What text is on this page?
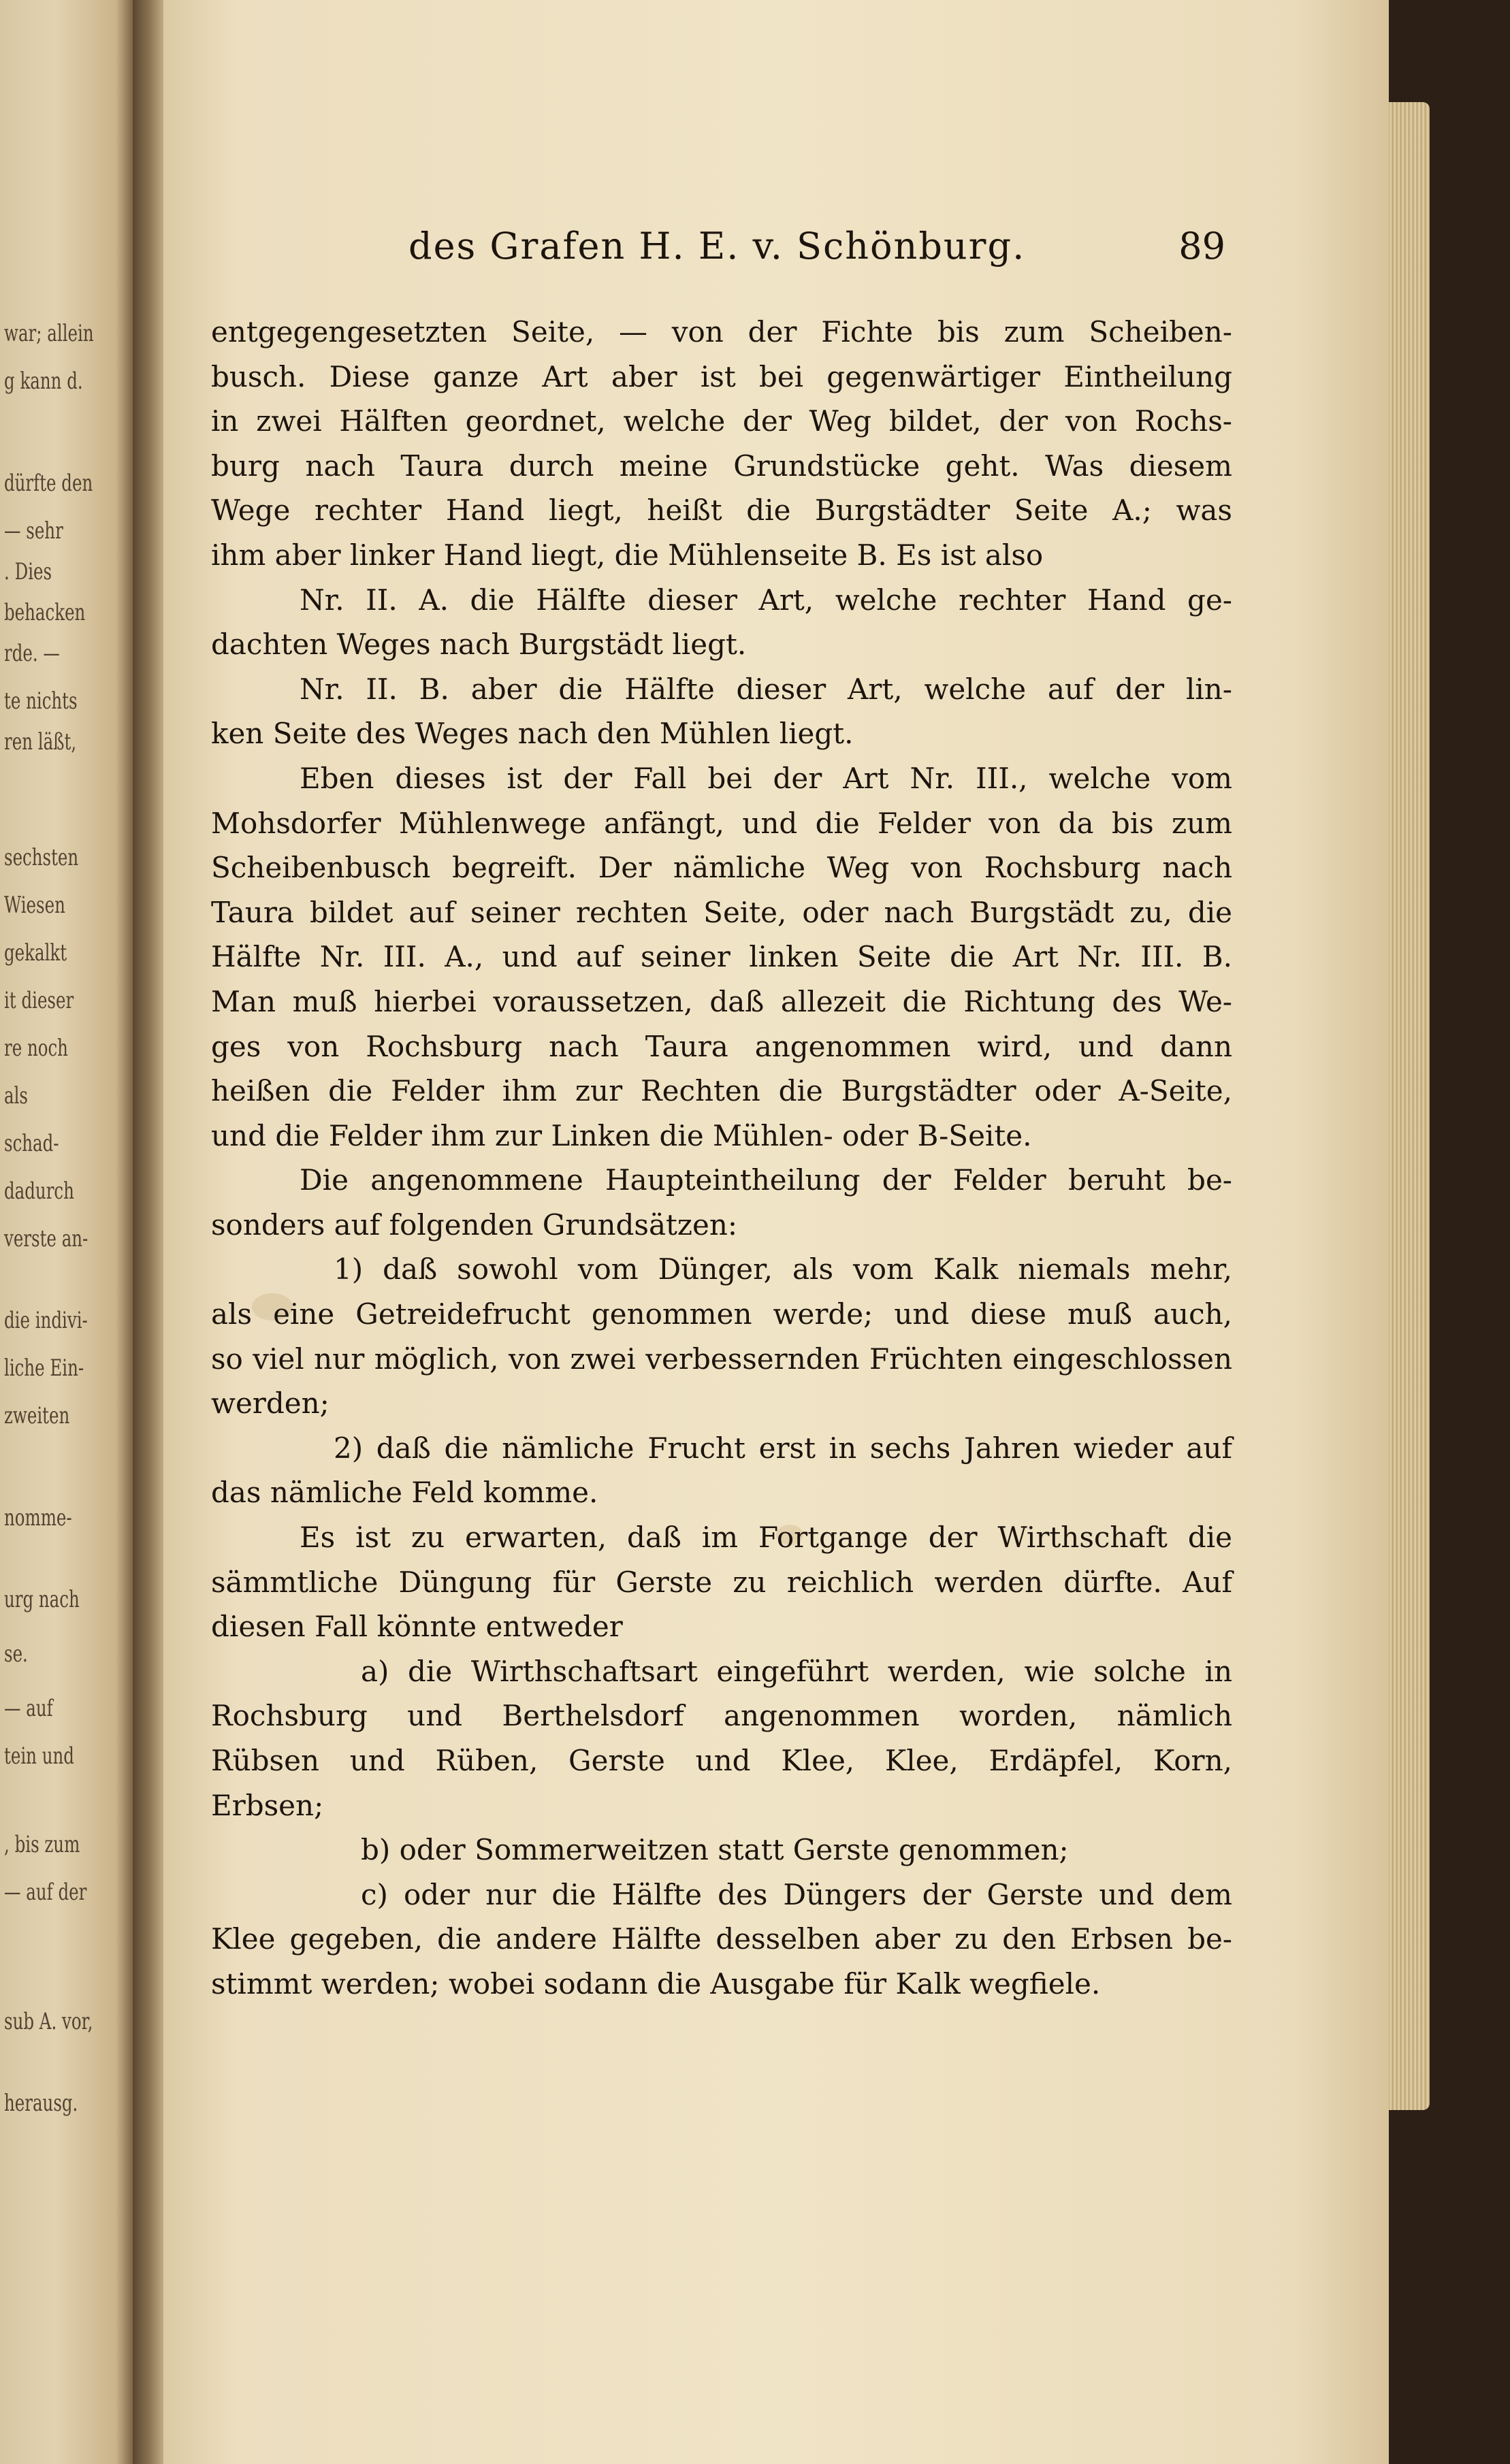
war; allein
g kann d.
dürfte den
— sehr
. Dies
behacken
rde. —
te nichts
ren läßt,
sechsten
Wiesen
gekalkt
it dieser
re noch
als
schad-
dadurch
verste an-
die indivi-
liche Ein-
zweiten
nomme-
urg nach
se.
— auf
tein und
, bis zum
— auf der
sub A. vor,
herausg.
des Grafen H. E. v. Schönburg.	89
entgegengesetzten Seite, — von der Fichte bis zum Scheiben-
busch. Diese ganze Art aber ist bei gegenwärtiger Eintheilung
in zwei Hälften geordnet, welche der Weg bildet, der von Rochs-
burg nach Taura durch meine Grundstücke geht. Was diesem
Wege rechter Hand liegt, heißt die Burgstädter Seite A.; was
ihm aber linker Hand liegt, die Mühlenseite B. Es ist also
Nr. II. A. die Hälfte dieser Art, welche rechter Hand ge-
dachten Weges nach Burgstädt liegt.
Nr. II. B. aber die Hälfte dieser Art, welche auf der lin-
ken Seite des Weges nach den Mühlen liegt.
Eben dieses ist der Fall bei der Art Nr. III., welche vom
Mohsdorfer Mühlenwege anfängt, und die Felder von da bis zum
Scheibenbusch begreift. Der nämliche Weg von Rochsburg nach
Taura bildet auf seiner rechten Seite, oder nach Burgstädt zu, die
Hälfte Nr. III. A., und auf seiner linken Seite die Art Nr. III. B.
Man muß hierbei voraussetzen, daß allezeit die Richtung des We-
ges von Rochsburg nach Taura angenommen wird, und dann
heißen die Felder ihm zur Rechten die Burgstädter oder A-Seite,
und die Felder ihm zur Linken die Mühlen- oder B-Seite.
Die angenommene Haupteintheilung der Felder beruht be-
sonders auf folgenden Grundsätzen:
1) daß sowohl vom Dünger, als vom Kalk niemals mehr,
als eine Getreidefrucht genommen werde; und diese muß auch,
so viel nur möglich, von zwei verbessernden Früchten eingeschlossen
werden;
2) daß die nämliche Frucht erst in sechs Jahren wieder auf
das nämliche Feld komme.
Es ist zu erwarten, daß im Fortgange der Wirthschaft die
sämmtliche Düngung für Gerste zu reichlich werden dürfte. Auf
diesen Fall könnte entweder
a) die Wirthschaftsart eingeführt werden, wie solche in
Rochsburg und Berthelsdorf angenommen worden, nämlich
Rübsen und Rüben, Gerste und Klee, Klee, Erdäpfel, Korn,
Erbsen;
b) oder Sommerweitzen statt Gerste genommen;
c) oder nur die Hälfte des Düngers der Gerste und dem
Klee gegeben, die andere Hälfte desselben aber zu den Erbsen be-
stimmt werden; wobei sodann die Ausgabe für Kalk wegfiele.
